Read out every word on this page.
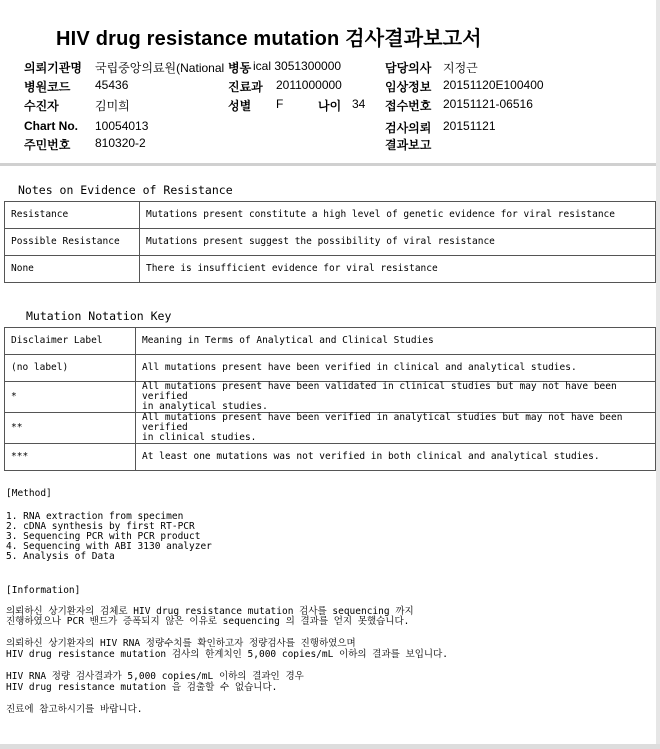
HIV drug resistance mutation 검사결과보고서
의뢰기관명 국립중앙의료원(National 병동 ical 3051300000	담당의사 지정근
병원코드 45436	진료과 2011000000	임상정보 20151120E100400
수진자	김미희	성별 F	나이 34 접수번호 20151121-06516
Chart No. 10054013	검사의뢰 20151121
주민번호 810320-2	결과보고
Notes on Evidence of Resistance
Resistance	Mutations present constitute a high level of genetic evidence for viral resistance
Possible Resistance	Mutations present suggest the possibility of viral resistance
None	There is insufficient evidence for viral resistance
Mutation Notation Key
Disclaimer Label	Meaning in Terms of Analytical and Clinical Studies
(no label)	All mutations present have been verified in clinical and analytical studies.
*	All mutations present have been validated in clinical studies but may not have been verified
in analytical studies.

**	All mutations present have been verified in analytical studies but may not have been verified
in clinical studies.

***	At least one mutations was not verified in both clinical and analytical studies.
[Method]
1. RNA extraction from specimen
2. cDNA synthesis by first RT-PCR
3. Sequencing PCR with PCR product
4. Sequencing with ABI 3130 analyzer
5. Analysis of Data
[Information]
의뢰하신 상기환자의 검체로 HIV drug resistance mutation 검사를 sequencing 까지
진행하였으나 PCR 밴드가 증폭되지 않은 이유로 sequencing 의 결과를 얻지 못했습니다.
의뢰하신 상기환자의 HIV RNA 정량수치를 확인하고자 정량검사를 진행하였으며
HIV drug resistance mutation 검사의 한계치인 5,000 copies/mL 이하의 결과를 보입니다.
HIV RNA 정량 검사결과가 5,000 copies/mL 이하의 결과인 경우
HIV drug resistance mutation 을 검출할 수 없습니다.
진료에 참고하시기를 바랍니다.
